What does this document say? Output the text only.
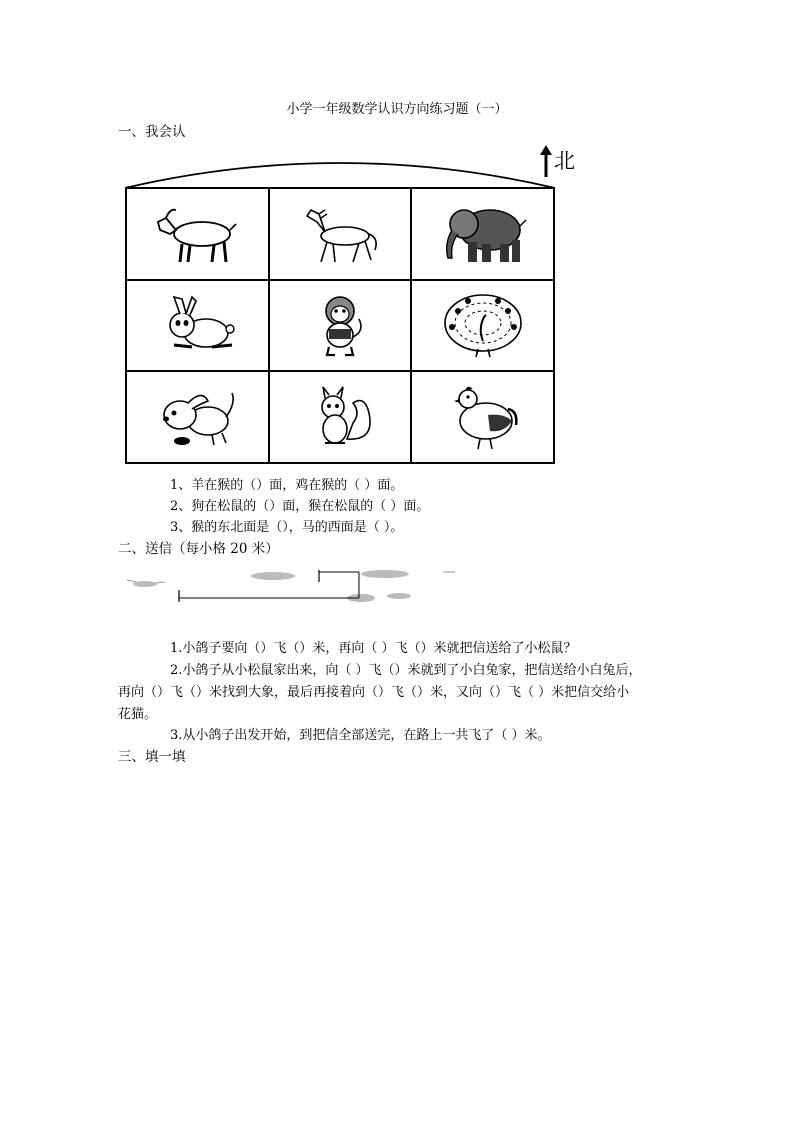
小学一年级数学认识方向练习题（一）
一、我会认
北
1、羊在猴的（）面，鸡在猴的（ ）面。
2、狗在松鼠的（）面，猴在松鼠的（ ）面。
3、猴的东北面是（），马的西面是（ ）。
二、送信（每小格 20 米）
1.小鸽子要向（）飞（）米，再向（ ）飞（）米就把信送给了小松鼠？
2.小鸽子从小松鼠家出来，向（ ）飞（）米就到了小白兔家，把信送给小白兔后，
再向（）飞（）米找到大象，最后再接着向（）飞（）米，又向（）飞（ ）米把信交给小
花猫。
3.从小鸽子出发开始，到把信全部送完，在路上一共飞了（ ）米。
三、填一填
